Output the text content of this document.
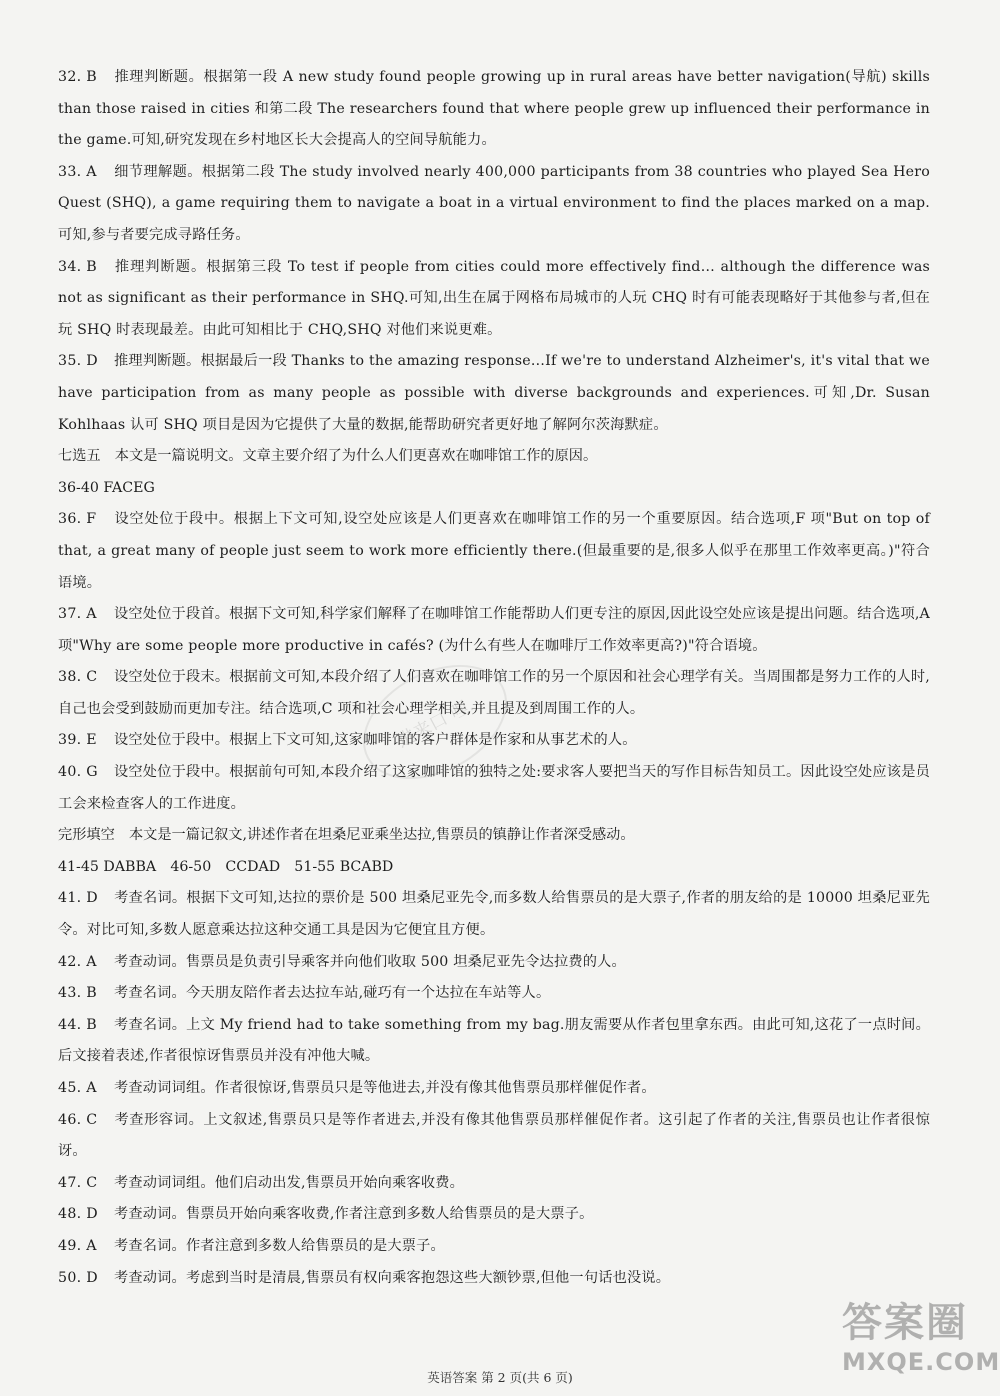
32. B 推理判断题。根据第一段 A new study found people growing up in rural areas have better navigation(导航) skills than those raised in cities 和第二段 The researchers found that where people grew up influenced their performance in the game.可知,研究发现在乡村地区长大会提高人的空间导航能力。

33. A 细节理解题。根据第二段 The study involved nearly 400,000 participants from 38 countries who played Sea Hero Quest (SHQ), a game requiring them to navigate a boat in a virtual environment to find the places marked on a map.可知,参与者要完成寻路任务。

34. B 推理判断题。根据第三段 To test if people from cities could more effectively find… although the difference was not as significant as their performance in SHQ.可知,出生在属于网格布局城市的人玩 CHQ 时有可能表现略好于其他参与者,但在玩 SHQ 时表现最差。由此可知相比于 CHQ,SHQ 对他们来说更难。

35. D 推理判断题。根据最后一段 Thanks to the amazing response…If we're to understand Alzheimer's, it's vital that we have participation from as many people as possible with diverse backgrounds and experiences.可知,Dr. Susan Kohlhaas 认可 SHQ 项目是因为它提供了大量的数据,能帮助研究者更好地了解阿尔茨海默症。

七选五　本文是一篇说明文。文章主要介绍了为什么人们更喜欢在咖啡馆工作的原因。

36-40 FACEG

36. F 设空处位于段中。根据上下文可知,设空处应该是人们更喜欢在咖啡馆工作的另一个重要原因。结合选项,F 项"But on top of that, a great many of people just seem to work more efficiently there.(但最重要的是,很多人似乎在那里工作效率更高。)"符合语境。

37. A 设空处位于段首。根据下文可知,科学家们解释了在咖啡馆工作能帮助人们更专注的原因,因此设空处应该是提出问题。结合选项,A 项"Why are some people more productive in cafés? (为什么有些人在咖啡厅工作效率更高?)"符合语境。

38. C 设空处位于段末。根据前文可知,本段介绍了人们喜欢在咖啡馆工作的另一个原因和社会心理学有关。当周围都是努力工作的人时,自己也会受到鼓励而更加专注。结合选项,C 项和社会心理学相关,并且提及到周围工作的人。

39. E 设空处位于段中。根据上下文可知,这家咖啡馆的客户群体是作家和从事艺术的人。

40. G 设空处位于段中。根据前句可知,本段介绍了这家咖啡馆的独特之处:要求客人要把当天的写作目标告知员工。因此设空处应该是员工会来检查客人的工作进度。

完形填空　本文是一篇记叙文,讲述作者在坦桑尼亚乘坐达拉,售票员的镇静让作者深受感动。

41-45 DABBA　46-50　CCDAD　51-55 BCABD

41. D 考查名词。根据下文可知,达拉的票价是 500 坦桑尼亚先令,而多数人给售票员的是大票子,作者的朋友给的是 10000 坦桑尼亚先令。对比可知,多数人愿意乘达拉这种交通工具是因为它便宜且方便。

42. A 考查动词。售票员是负责引导乘客并向他们收取 500 坦桑尼亚先令达拉费的人。

43. B 考查名词。今天朋友陪作者去达拉车站,碰巧有一个达拉在车站等人。

44. B 考查名词。上文 My friend had to take something from my bag.朋友需要从作者包里拿东西。由此可知,这花了一点时间。后文接着表述,作者很惊讶售票员并没有冲他大喊。

45. A 考查动词词组。作者很惊讶,售票员只是等他进去,并没有像其他售票员那样催促作者。

46. C 考查形容词。上文叙述,售票员只是等作者进去,并没有像其他售票员那样催促作者。这引起了作者的关注,售票员也让作者很惊讶。

47. C 考查动词词组。他们启动出发,售票员开始向乘客收费。

48. D 考查动词。售票员开始向乘客收费,作者注意到多数人给售票员的是大票子。

49. A 考查名词。作者注意到多数人给售票员的是大票子。

50. D 考查动词。考虑到当时是清晨,售票员有权向乘客抱怨这些大额钞票,但他一句话也没说。

进来口 哩.
英语答案 第 2 页(共 6 页)
答案圈
MXQE.COM
